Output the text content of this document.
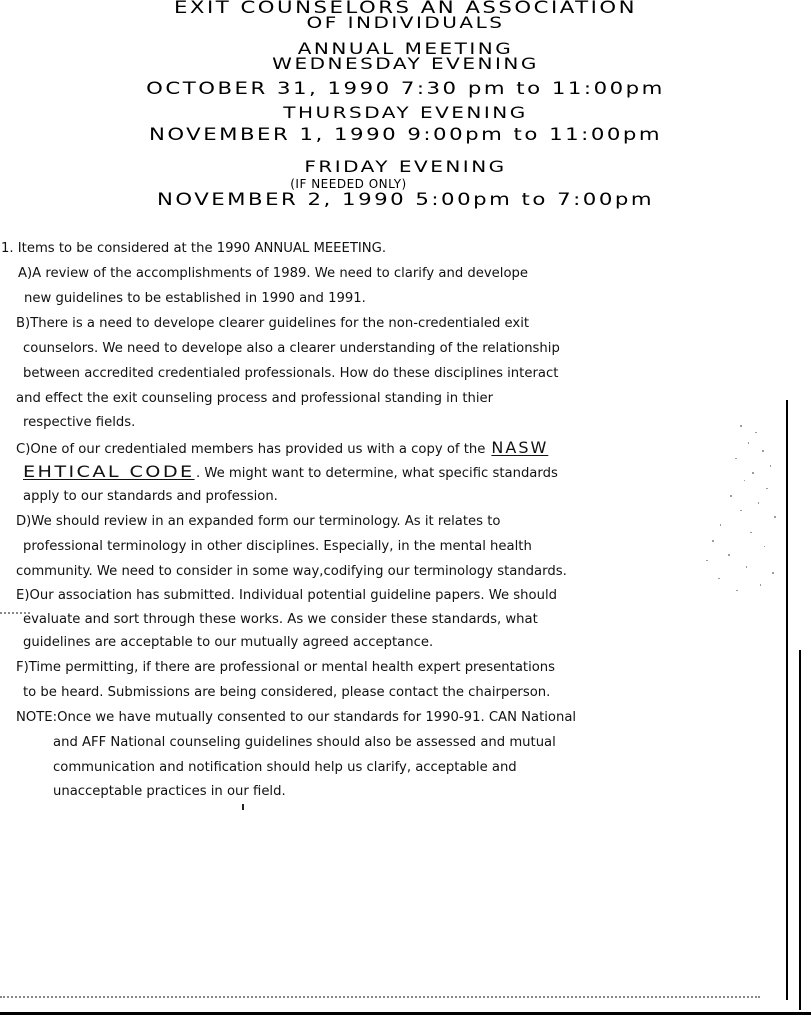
EXIT COUNSELORS AN ASSOCIATION
OF INDIVIDUALS
ANNUAL MEETING
WEDNESDAY EVENING
OCTOBER 31, 1990 7:30 pm to 11:00pm
THURSDAY EVENING
NOVEMBER 1, 1990 9:00pm to 11:00pm
FRIDAY EVENING
(IF NEEDED ONLY)
NOVEMBER 2, 1990 5:00pm to 7:00pm
1. Items to be considered at the 1990 ANNUAL MEEETING.
A)A review of the accomplishments of 1989. We need to clarify and develope
new guidelines to be established in 1990 and 1991.
B)There is a need to develope clearer guidelines for the non-credentialed exit
counselors. We need to develope also a clearer understanding of the relationship
between accredited credentialed professionals. How do these disciplines interact
and effect the exit counseling process and professional standing in thier
respective fields.
C)One of our credentialed members has provided us with a copy of the NASW
EHTICAL CODE. We might want to determine, what specific standards
apply to our standards and profession.
D)We should review in an expanded form our terminology. As it relates to
professional terminology in other disciplines. Especially, in the mental health
community. We need to consider in some way,codifying our terminology standards.
E)Our association has submitted. Individual potential guideline papers. We should
evaluate and sort through these works. As we consider these standards, what
guidelines are acceptable to our mutually agreed acceptance.
F)Time permitting, if there are professional or mental health expert presentations
to be heard. Submissions are being considered, please contact the chairperson.
NOTE:Once we have mutually consented to our standards for 1990-91. CAN National
and AFF National counseling guidelines should also be assessed and mutual
communication and notification should help us clarify, acceptable and
unacceptable practices in our field.
